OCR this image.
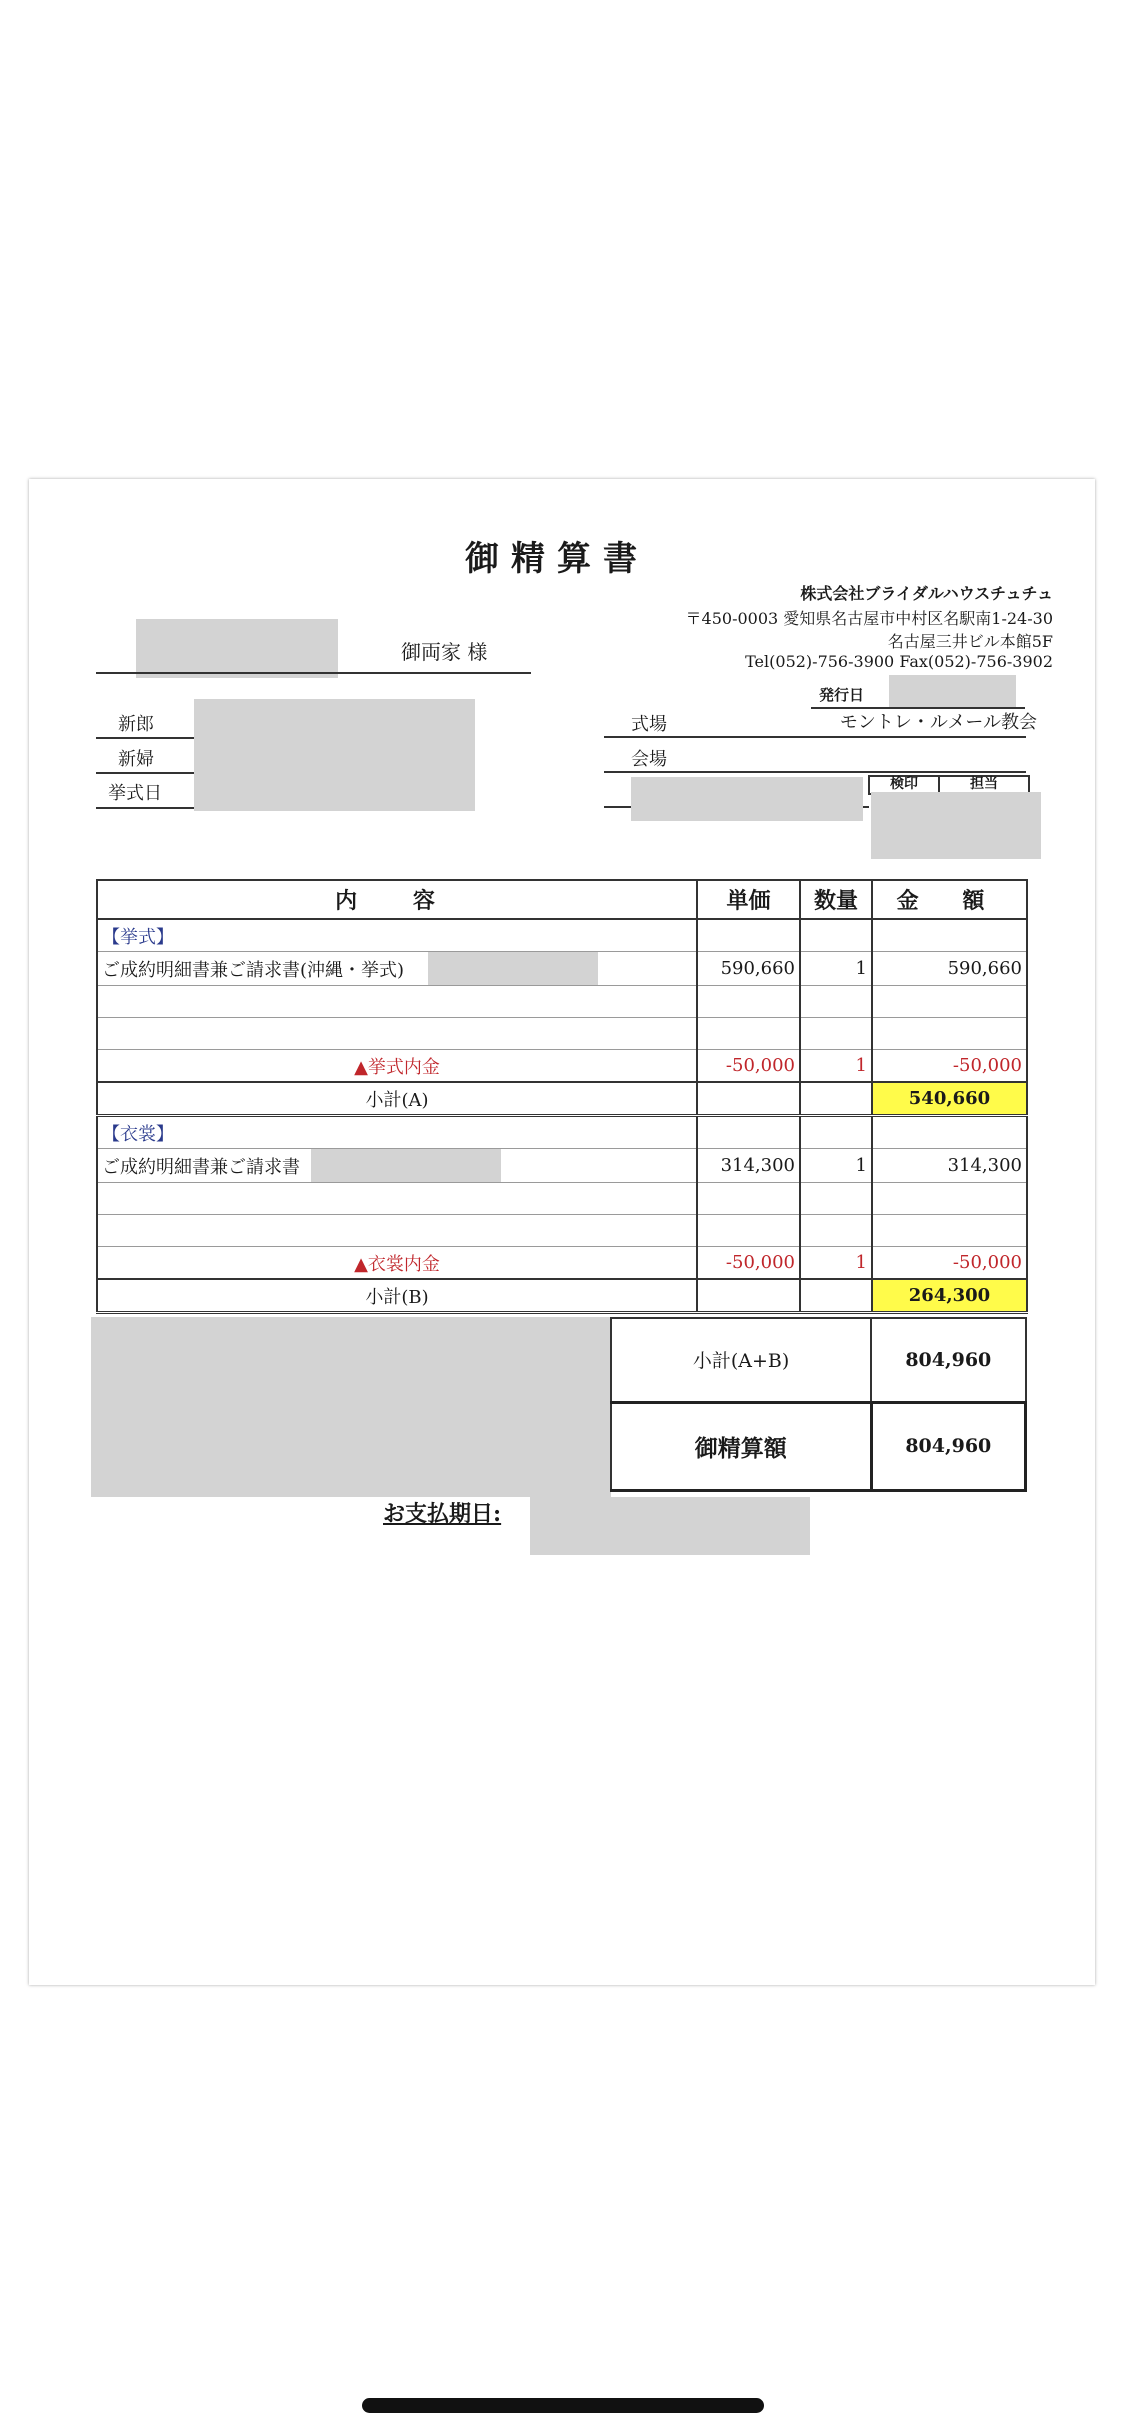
御精算書
株式会社ブライダルハウスチュチュ
〒450-0003 愛知県名古屋市中村区名駅南1-24-30
名古屋三井ビル本館5F
Tel(052)-756-3900 Fax(052)-756-3902
御両家 様
発行日
新郎
新婦
挙式日
式場	モントレ・ルメール教会
会場
検印	担当
内 容	単価	数量	金 額
【挙式】			
ご成約明細書兼ご請求書(沖縄・挙式)	590,660	1	590,660

▲挙式内金	-50,000	1	-50,000
小計(A)			540,660
【衣裳】			
ご成約明細書兼ご請求書	314,300	1	314,300

▲衣裳内金	-50,000	1	-50,000
小計(B)			264,300
小計(A+B)	804,960
御精算額	804,960
お支払期日:
